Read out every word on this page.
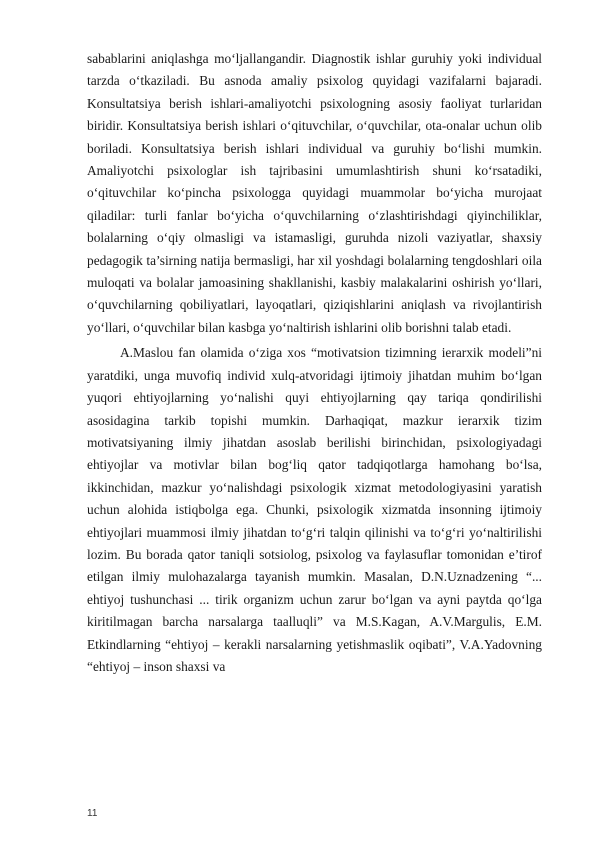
sabablarini aniqlashga mo‘ljallangandir. Diagnostik ishlar guruhiy yoki individual tarzda o‘tkaziladi. Bu asnoda amaliy psixolog quyidagi vazifalarni bajaradi. Konsultatsiya berish ishlari-amaliyotchi psixologning asosiy faoliyat turlaridan biridir. Konsultatsiya berish ishlari o‘qituvchilar, o‘quvchilar, ota-onalar uchun olib boriladi. Konsultatsiya berish ishlari individual va guruhiy bo‘lishi mumkin. Amaliyotchi psixologlar ish tajribasini umumlashtirish shuni ko‘rsatadiki, o‘qituvchilar ko‘pincha psixologga quyidagi muammolar bo‘yicha murojaat qiladilar: turli fanlar bo‘yicha o‘quvchilarning o‘zlashtirishdagi qiyinchiliklar, bolalarning o‘qiy olmasligi va istamasligi, guruhda nizoli vaziyatlar, shaxsiy pedagogik ta’sirning natija bermasligi, har xil yoshdagi bolalarning tengdoshlari oila muloqati va bolalar jamoasining shakllanishi, kasbiy malakalarini oshirish yo‘llari, o‘quvchilarning qobiliyatlari, layoqatlari, qiziqishlarini aniqlash va rivojlantirish yo‘llari, o‘quvchilar bilan kasbga yo‘naltirish ishlarini olib borishni talab etadi.

A.Maslou fan olamida o‘ziga xos “motivatsion tizimning ierarxik modeli”ni yaratdiki, unga muvofiq individ xulq-atvoridagi ijtimoiy jihatdan muhim bo‘lgan yuqori ehtiyojlarning yo‘nalishi quyi ehtiyojlarning qay tariqa qondirilishi asosidagina tarkib topishi mumkin. Darhaqiqat, mazkur ierarxik tizim motivatsiyaning ilmiy jihatdan asoslab berilishi birinchidan, psixologiyadagi ehtiyojlar va motivlar bilan bog‘liq qator tadqiqotlarga hamohang bo‘lsa, ikkinchidan, mazkur yo‘nalishdagi psixologik xizmat metodologiyasini yaratish uchun alohida istiqbolga ega. Chunki, psixologik xizmatda insonning ijtimoiy ehtiyojlari muammosi ilmiy jihatdan to‘g‘ri talqin qilinishi va to‘g‘ri yo‘naltirilishi lozim. Bu borada qator taniqli sotsiolog, psixolog va faylasuflar tomonidan e’tirof etilgan ilmiy mulohazalarga tayanish mumkin. Masalan, D.N.Uznadzening “... ehtiyoj tushunchasi ... tirik organizm uchun zarur bo‘lgan va ayni paytda qo‘lga kiritilmagan barcha narsalarga taalluqli” va M.S.Kagan, A.V.Margulis, E.M. Etkindlarning “ehtiyoj – kerakli narsalarning yetishmaslik oqibati”, V.A.Yadovning “ehtiyoj – inson shaxsi va

11
